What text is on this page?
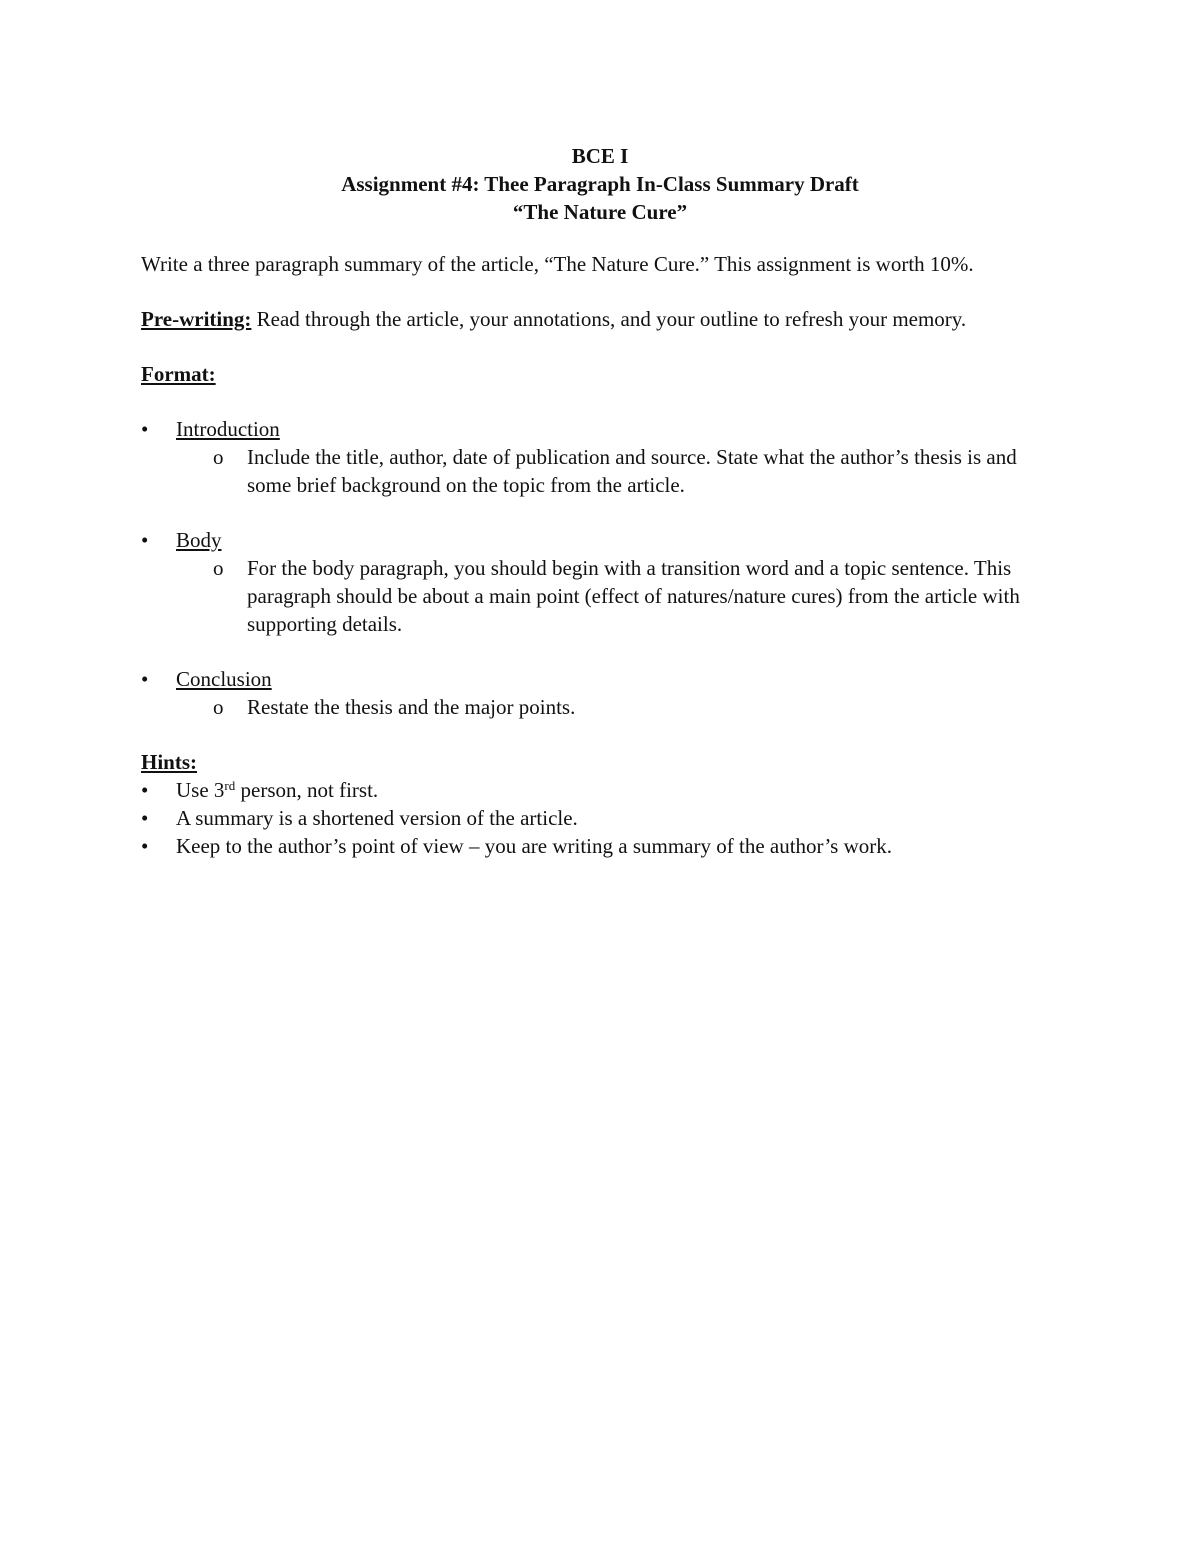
BCE I
Assignment #4: Thee Paragraph In-Class Summary Draft
“The Nature Cure”

Write a three paragraph summary of the article, “The Nature Cure.” This assignment is worth 10%.

Pre-writing: Read through the article, your annotations, and your outline to refresh your memory.

Format:

• Introduction
o Include the title, author, date of publication and source. State what the author’s thesis is and some brief background on the topic from the article.
• Body
o For the body paragraph, you should begin with a transition word and a topic sentence. This paragraph should be about a main point (effect of natures/nature cures) from the article with supporting details.
• Conclusion
o Restate the thesis and the major points.

Hints:

• Use 3rd person, not first.
• A summary is a shortened version of the article.
• Keep to the author’s point of view – you are writing a summary of the author’s work.
